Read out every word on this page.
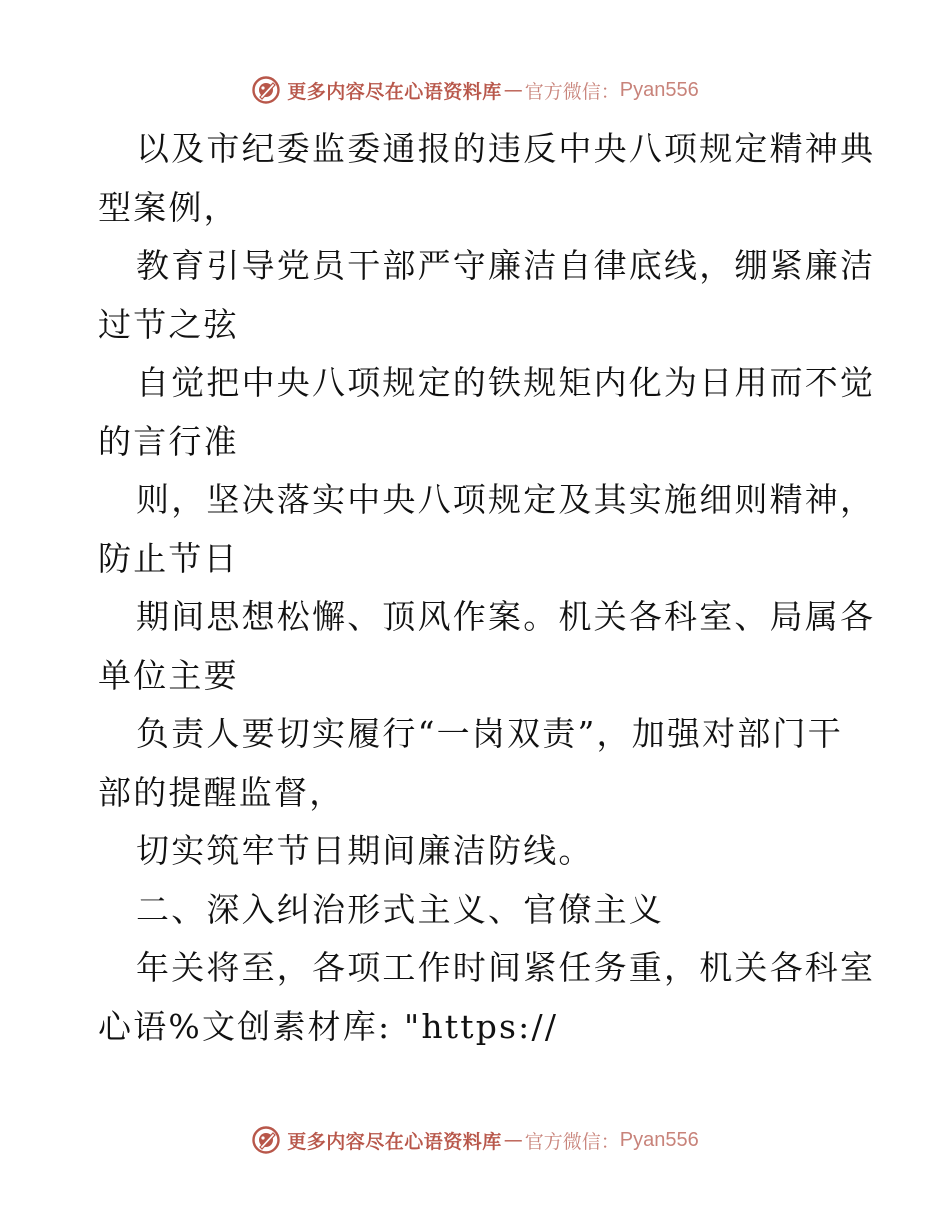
更多内容尽在心语资料库 — 官方微信： Pyan556
以及市纪委监委通报的违反中央八项规定精神典
型案例，
教育引导党员干部严守廉洁自律底线，绷紧廉洁
过节之弦
自觉把中央八项规定的铁规矩内化为日用而不觉
的言行准
则，坚决落实中央八项规定及其实施细则精神，
防止节日
期间思想松懈、顶风作案。机关各科室、局属各
单位主要
负责人要切实履行“一岗双责”，加强对部门干
部的提醒监督，
切实筑牢节日期间廉洁防线。
二、深入纠治形式主义、官僚主义
年关将至，各项工作时间紧任务重，机关各科室
心语%文创素材库: "https://
更多内容尽在心语资料库 — 官方微信： Pyan556
